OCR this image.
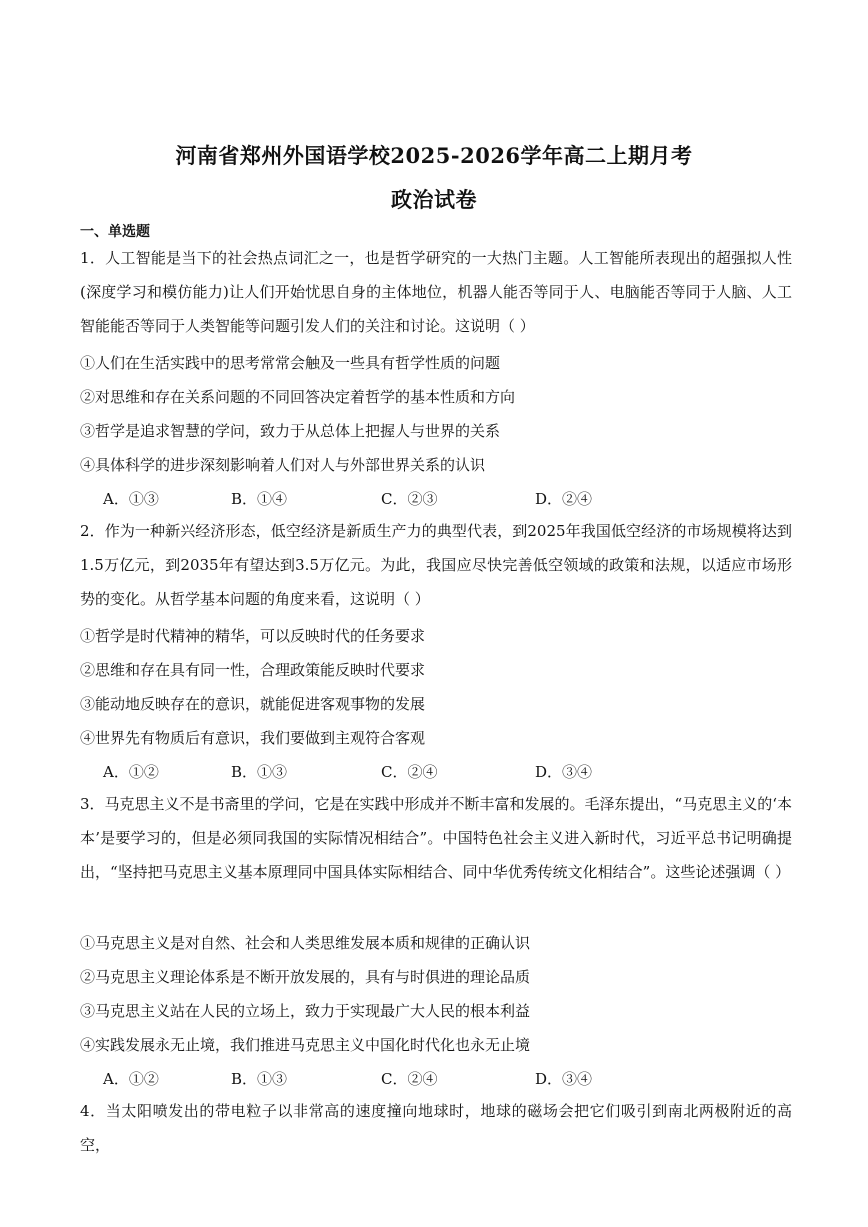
河南省郑州外国语学校2025-2026学年高二上期月考
政治试卷
一、单选题
1．人工智能是当下的社会热点词汇之一，也是哲学研究的一大热门主题。人工智能所表现出的超强拟人性(深度学习和模仿能力)让人们开始忧思自身的主体地位，机器人能否等同于人、电脑能否等同于人脑、人工智能能否等同于人类智能等问题引发人们的关注和讨论。这说明（ ）
①人们在生活实践中的思考常常会触及一些具有哲学性质的问题
②对思维和存在关系问题的不同回答决定着哲学的基本性质和方向
③哲学是追求智慧的学问，致力于从总体上把握人与世界的关系
④具体科学的进步深刻影响着人们对人与外部世界关系的认识
A．①③	B．①④	C．②③	D．②④
2．作为一种新兴经济形态，低空经济是新质生产力的典型代表，到2025年我国低空经济的市场规模将达到1.5万亿元，到2035年有望达到3.5万亿元。为此，我国应尽快完善低空领域的政策和法规，以适应市场形势的变化。从哲学基本问题的角度来看，这说明（ ）
①哲学是时代精神的精华，可以反映时代的任务要求
②思维和存在具有同一性，合理政策能反映时代要求
③能动地反映存在的意识，就能促进客观事物的发展
④世界先有物质后有意识，我们要做到主观符合客观
A．①②	B．①③	C．②④	D．③④
3．马克思主义不是书斋里的学问，它是在实践中形成并不断丰富和发展的。毛泽东提出，“马克思主义的‘本本’是要学习的，但是必须同我国的实际情况相结合”。中国特色社会主义进入新时代，习近平总书记明确提出，“坚持把马克思主义基本原理同中国具体实际相结合、同中华优秀传统文化相结合”。这些论述强调（ ）
①马克思主义是对自然、社会和人类思维发展本质和规律的正确认识
②马克思主义理论体系是不断开放发展的，具有与时俱进的理论品质
③马克思主义站在人民的立场上，致力于实现最广大人民的根本利益
④实践发展永无止境，我们推进马克思主义中国化时代化也永无止境
A．①②	B．①③	C．②④	D．③④
4．当太阳喷发出的带电粒子以非常高的速度撞向地球时，地球的磁场会把它们吸引到南北两极附近的高空，
